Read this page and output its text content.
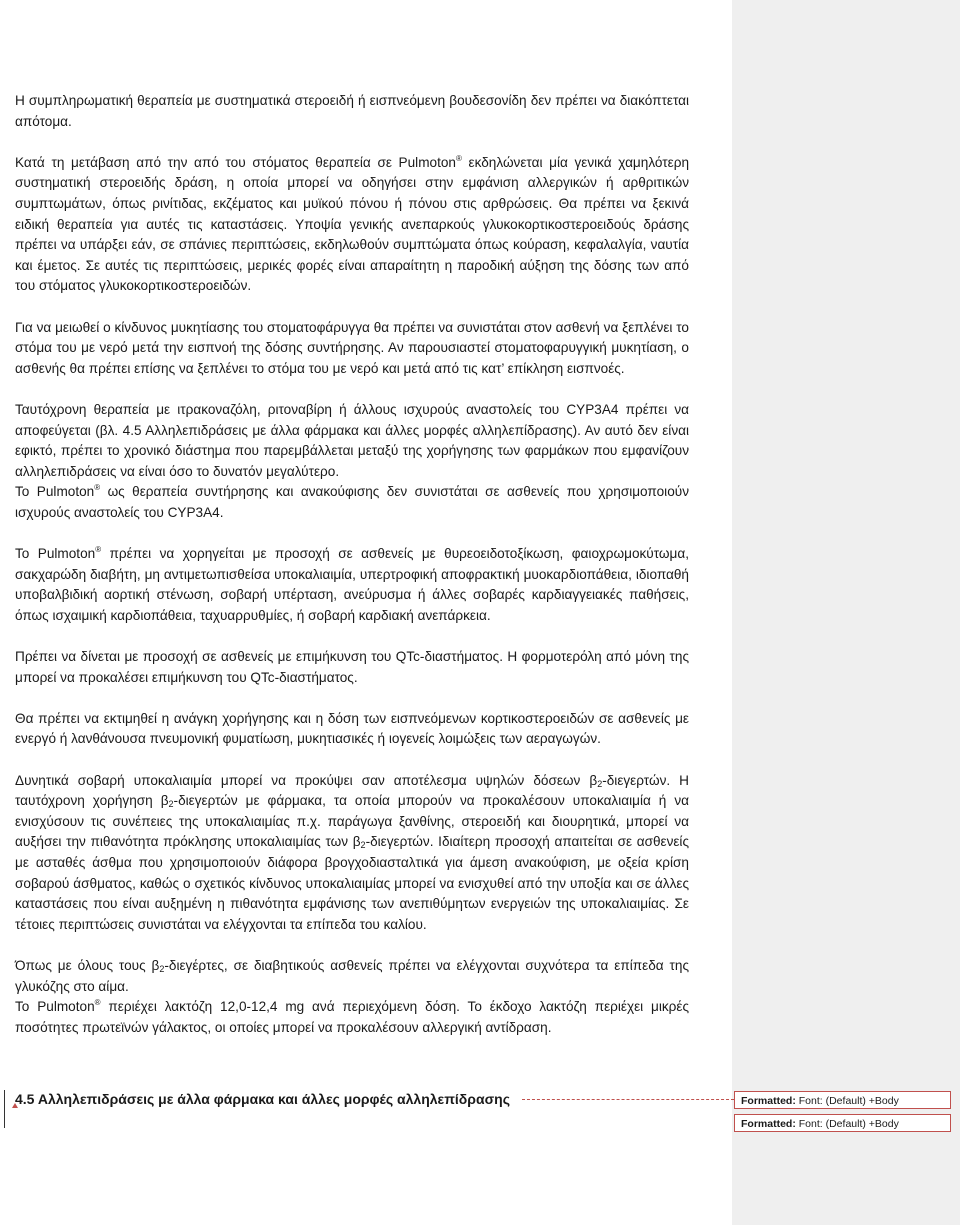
Η συμπληρωματική θεραπεία με συστηματικά στεροειδή ή εισπνεόμενη βουδεσονίδη δεν πρέπει να διακόπτεται απότομα.

Κατά τη μετάβαση από την από του στόματος θεραπεία σε Pulmoton® εκδηλώνεται μία γενικά χαμηλότερη συστηματική στεροειδής δράση, η οποία μπορεί να οδηγήσει στην εμφάνιση αλλεργικών ή αρθριτικών συμπτωμάτων, όπως ρινίτιδας, εκζέματος και μυϊκού πόνου ή πόνου στις αρθρώσεις. Θα πρέπει να ξεκινά ειδική θεραπεία για αυτές τις καταστάσεις. Υποψία γενικής ανεπαρκούς γλυκοκορτικοστεροειδούς δράσης πρέπει να υπάρξει εάν, σε σπάνιες περιπτώσεις, εκδηλωθούν συμπτώματα όπως κούραση, κεφαλαλγία, ναυτία και έμετος. Σε αυτές τις περιπτώσεις, μερικές φορές είναι απαραίτητη η παροδική αύξηση της δόσης των από του στόματος γλυκοκορτικοστεροειδών.

Για να μειωθεί ο κίνδυνος μυκητίασης του στοματοφάρυγγα θα πρέπει να συνιστάται στον ασθενή να ξεπλένει το στόμα του με νερό μετά την εισπνοή της δόσης συντήρησης. Αν παρουσιαστεί στοματοφαρυγγική μυκητίαση, ο ασθενής θα πρέπει επίσης να ξεπλένει το στόμα του με νερό και μετά από τις κατ’ επίκληση εισπνοές.

Ταυτόχρονη θεραπεία με ιτρακοναζόλη, ριτοναβίρη ή άλλους ισχυρούς αναστολείς του CYP3A4 πρέπει να αποφεύγεται (βλ. 4.5 Αλληλεπιδράσεις με άλλα φάρμακα και άλλες μορφές αλληλεπίδρασης). Αν αυτό δεν είναι εφικτό, πρέπει το χρονικό διάστημα που παρεμβάλλεται μεταξύ της χορήγησης των φαρμάκων που εμφανίζουν αλληλεπιδράσεις να είναι όσο το δυνατόν μεγαλύτερο.

Το Pulmoton® ως θεραπεία συντήρησης και ανακούφισης δεν συνιστάται σε ασθενείς που χρησιμοποιούν ισχυρούς αναστολείς του CYP3A4.

Το Pulmoton® πρέπει να χορηγείται με προσοχή σε ασθενείς με θυρεοειδοτοξίκωση, φαιοχρωμοκύτωμα, σακχαρώδη διαβήτη, μη αντιμετωπισθείσα υποκαλιαιμία, υπερτροφική αποφρακτική μυοκαρδιοπάθεια, ιδιοπαθή υποβαλβιδική αορτική στένωση, σοβαρή υπέρταση, ανεύρυσμα ή άλλες σοβαρές καρδιαγγειακές παθήσεις, όπως ισχαιμική καρδιοπάθεια, ταχυαρρυθμίες, ή σοβαρή καρδιακή ανεπάρκεια.

Πρέπει να δίνεται με προσοχή σε ασθενείς με επιμήκυνση του QTc-διαστήματος. Η φορμοτερόλη από μόνη της μπορεί να προκαλέσει επιμήκυνση του QTc-διαστήματος.

Θα πρέπει να εκτιμηθεί η ανάγκη χορήγησης και η δόση των εισπνεόμενων κορτικοστεροειδών σε ασθενείς με ενεργό ή λανθάνουσα πνευμονική φυματίωση, μυκητιασικές ή ιογενείς λοιμώξεις των αεραγωγών.

Δυνητικά σοβαρή υποκαλιαιμία μπορεί να προκύψει σαν αποτέλεσμα υψηλών δόσεων $\beta_2$-διεγερτών. Η ταυτόχρονη χορήγηση $\beta_2$-διεγερτών με φάρμακα, τα οποία μπορούν να προκαλέσουν υποκαλιαιμία ή να ενισχύσουν τις συνέπειες της υποκαλιαιμίας π.χ. παράγωγα ξανθίνης, στεροειδή και διουρητικά, μπορεί να αυξήσει την πιθανότητα πρόκλησης υποκαλιαιμίας των $\beta_2$-διεγερτών. Ιδιαίτερη προσοχή απαιτείται σε ασθενείς με ασταθές άσθμα που χρησιμοποιούν διάφορα βρογχοδιασταλτικά για άμεση ανακούφιση, με οξεία κρίση σοβαρού άσθματος, καθώς ο σχετικός κίνδυνος υποκαλιαιμίας μπορεί να ενισχυθεί από την υποξία και σε άλλες καταστάσεις που είναι αυξημένη η πιθανότητα εμφάνισης των ανεπιθύμητων ενεργειών της υποκαλιαιμίας. Σε τέτοιες περιπτώσεις συνιστάται να ελέγχονται τα επίπεδα του καλίου.

Όπως με όλους τους $\beta_2$-διεγέρτες, σε διαβητικούς ασθενείς πρέπει να ελέγχονται συχνότερα τα επίπεδα της γλυκόζης στο αίμα.

Το Pulmoton® περιέχει λακτόζη 12,0-12,4 mg ανά περιεχόμενη δόση. Το έκδοχο λακτόζη περιέχει μικρές ποσότητες πρωτεϊνών γάλακτος, οι οποίες μπορεί να προκαλέσουν αλλεργική αντίδραση.

4.5 Αλληλεπιδράσεις με άλλα φάρμακα και άλλες μορφές αλληλεπίδρασης	Formatted: Font: (Default) +Body
Formatted: Font: (Default) +Body
